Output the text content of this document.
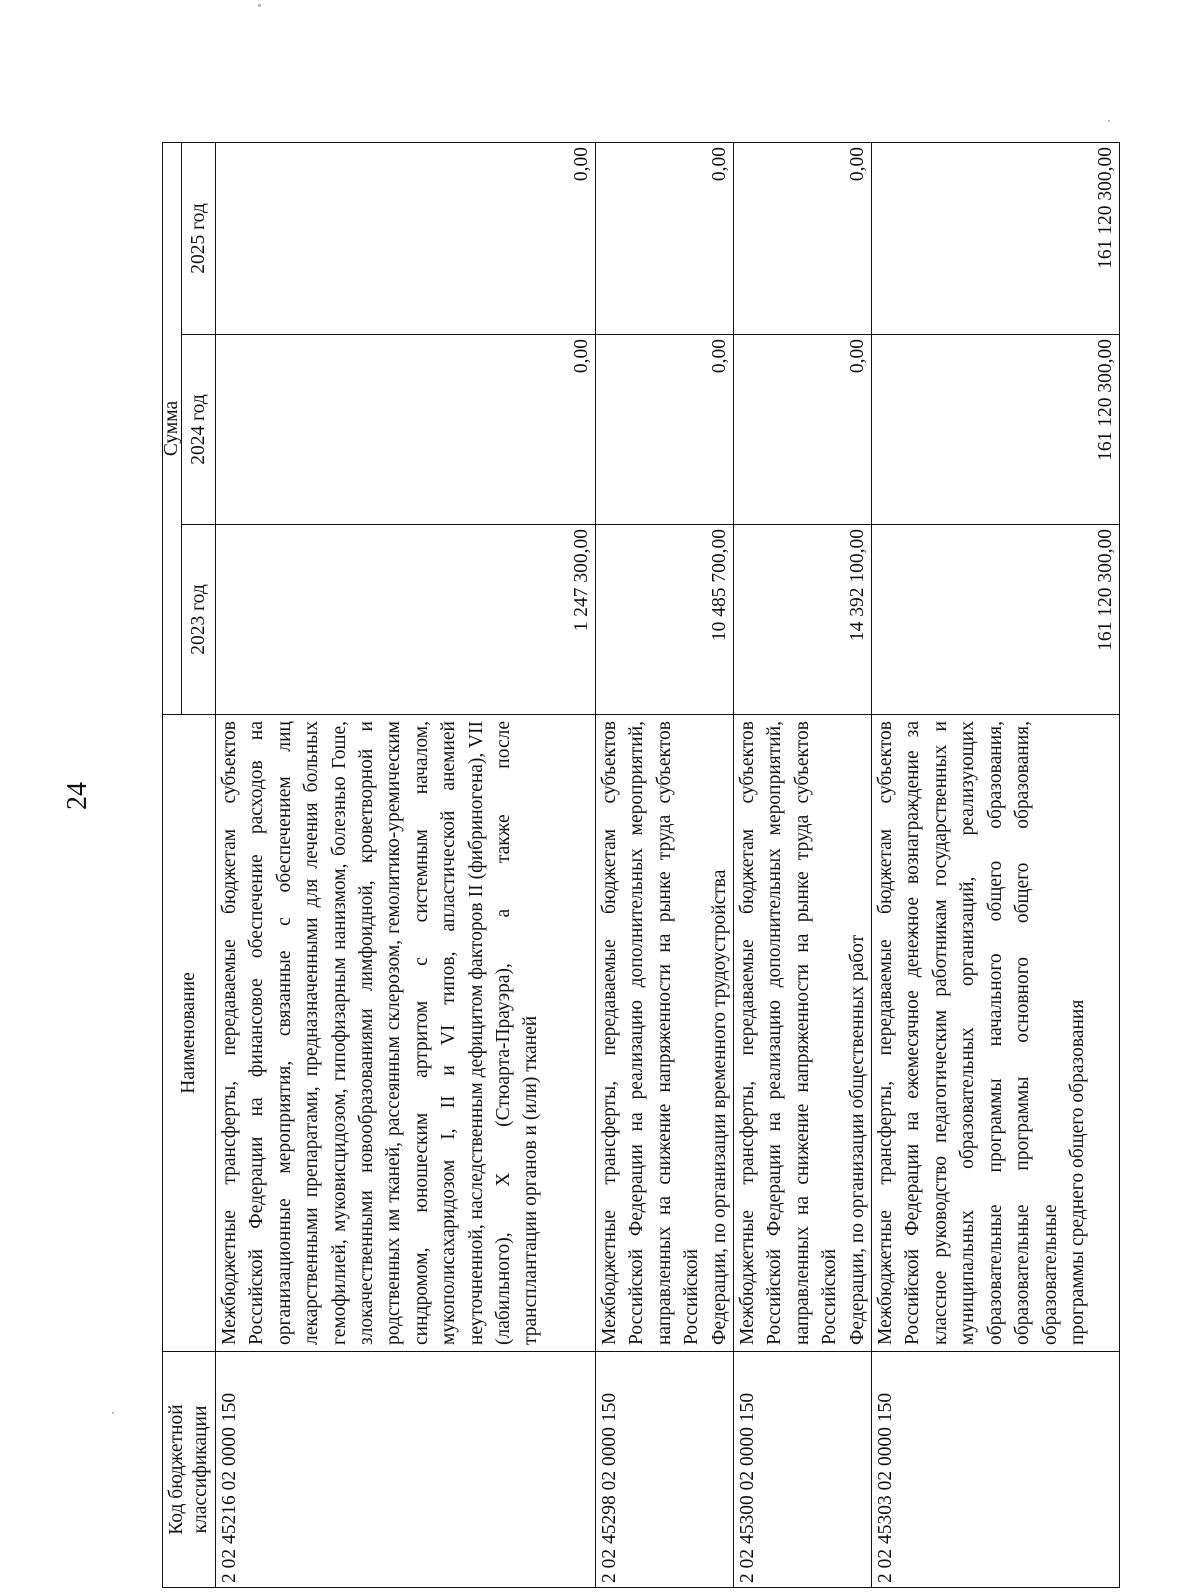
24
Код бюджетной классификации	Наименование	Сумма		
		2023 год	2024 год	2025 год
2 02 45216 02 0000 150	Межбюджетные трансферты, передаваемые бюджетам субъектов Российской Федерации на финансовое обеспечение расходов на организационные мероприятия, связанные с обеспечением лиц лекарственными препаратами, предназначенными для лечения больных гемофилией, муковисцидозом, гипофизарным нанизмом, болезнью Гоше, злокачественными новообразованиями лимфоидной, кроветворной и родственных им тканей, рассеянным склерозом, гемолитико-уремическим синдромом, юношеским артритом с системным началом, мукополисахаридозом I, II и VI типов, апластической анемией неуточненной, наследственным дефицитом факторов II (фибриногена), VII (лабильного), X (Стюарта-Прауэра), а также после трансплантации органов и (или) тканей	1 247 300,00	0,00	0,00
2 02 45298 02 0000 150	Межбюджетные трансферты, передаваемые бюджетам субъектов Российской Федерации на реализацию дополнительных мероприятий, направленных на снижение напряженности на рынке труда субъектов Российской Федерации, по организации временного трудоустройства	10 485 700,00	0,00	0,00
2 02 45300 02 0000 150	Межбюджетные трансферты, передаваемые бюджетам субъектов Российской Федерации на реализацию дополнительных мероприятий, направленных на снижение напряженности на рынке труда субъектов Российской Федерации, по организации общественных работ	14 392 100,00	0,00	0,00
2 02 45303 02 0000 150	Межбюджетные трансферты, передаваемые бюджетам субъектов Российской Федерации на ежемесячное денежное вознаграждение за классное руководство педагогическим работникам государственных и муниципальных образовательных организаций, реализующих образовательные программы начального общего образования, образовательные программы основного общего образования, образовательные программы среднего общего образования	161 120 300,00	161 120 300,00	161 120 300,00
